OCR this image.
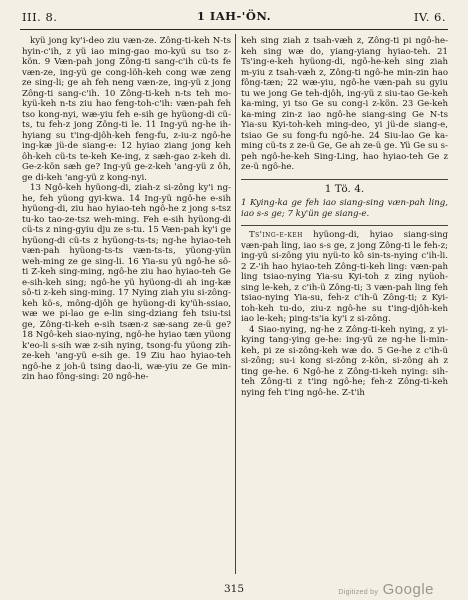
III. 8.	1 IAH-'ÖN.	IV. 6.

kyü jong ky'i-deo ziu væn-ze. Zông-ti-keh N-ts hyin-c'ih, z yü iao ming-gao mo-kyü su tso z-kön. 9 Væn-pah jong Zông-ti sang-c'ih cü-ts fe væn-ze, ing-yü ge cong-löh-keh cong wæ zeng ze sing-li; ge ah feh neng væn-ze, ing-yü z jong Zông-ti sang-c'ih. 10 Zông-ti-keh n-ts teh mo-kyü-keh n-ts ziu hao feng-toh-c'ih: væn-pah feh tso kong-nyi, wæ-yiu feh e-sih ge hyüong-di cü-ts, tu feh-z jong Zông-ti le. 11 Ing-yü ng-he ih-hyiang su t'ing-djôh-keh feng-fu, z-iu-z ngô-he ing-kæ jü-de siang-e: 12 hyiao ziang jong keh ôh-keh cü-ts te-keh Ke-ing, z sæh-gao z-keh di. Ge-z-kön sæh ge? Ing-yü ge-z-keh 'ang-yü z ôh, ge di-keh 'ang-yü z kong-nyi.

13 Ngô-keh hyüong-di, ziah-z si-zông ky'i ng-he, feh yüong gyi-kwa. 14 Ing-yü ngô-he e-sih hyüong-di, ziu hao hyiao-teh ngô-he z jong s-tsz tu-ko tao-ze-tsz weh-ming. Feh e-sih hyüong-di cü-ts z ning-gyiu dju ze s-tu. 15 Væn-pah ky'i ge hyüong-di cü-ts z hyüong-ts-ts; ng-he hyiao-teh væn-pah hyüong-ts-ts væn-ts-ts, yüong-yün weh-ming ze ge sing-li. 16 Yia-su yü ngô-he sô-ti Z-keh sing-ming, ngô-he ziu hao hyiao-teh Ge e-sih-keh sing; ngô-he yü hyüong-di ah ing-kæ sô-ti z-keh sing-ming. 17 Nying ziah yiu si-zông-keh kö-s, mông-djôh ge hyüong-di ky'üh-ssiao, wæ we pi-lao ge e-lin sing-dziang feh tsiu-tsi ge, Zông-ti-keh e-sih tsæn-z sæ-sang ze-ü ge? 18 Ngô-keh siao-nying, ngô-he hyiao tæn yüong k'eo-li s-sih wæ z-sih nying, tsong-fu yüong zih-ze-keh 'ang-yü e-sih ge. 19 Ziu hao hyiao-teh ngô-he z joh-ü tsing dao-li, wæ-yiu ze Ge min-zin hao fông-sing: 20 ngô-he-

keh sing ziah z tsah-væh z, Zông-ti pi ngô-he-keh sing wæ do, yiang-yiang hyiao-teh. 21 Ts'ing-e-keh hyüong-di, ngô-he-keh sing ziah m-yiu z tsah-væh z, Zông-ti ngô-he min-zin hao fông-tæn; 22 wæ-yiu, ngô-he væn-pah su gyiu tu we jong Ge teh-djôh, ing-yü z siu-tao Ge-keh ka-ming, yi tso Ge su cong-i z-kön. 23 Ge-keh ka-ming zin-z iao ngô-he siang-sing Ge N-ts Yia-su Kyi-toh-keh ming-deo, yi jü-de siang-e, tsiao Ge su fong-fu ngô-he. 24 Siu-lao Ge ka-ming cü-ts z ze-ü Ge, Ge ah ze-ü ge. Yü Ge su s-peh ngô-he-keh Sing-Ling, hao hyiao-teh Ge z ze-ü ngô-he.

1 Tö. 4.

1 Kying-ka ge feh iao siang-sing væn-pah ling, iao s-s ge; 7 ky'ün ge siang-e.

Ts'ing-e-keh hyüong-di, hyiao siang-sing væn-pah ling, iao s-s ge, z jong Zông-ti le feh-z; ing-yü si-zông yiu nyü-to kô sin-ts-nying c'ih-li. 2 Z-'ih hao hyiao-teh Zông-ti-keh ling: væn-pah ling tsiao-nying Yia-su Kyi-toh z zing nyüoh-sing le-keh, z c'ih-ü Zông-ti; 3 væn-pah ling feh tsiao-nying Yia-su, feh-z c'ih-ü Zông-ti; z Kyi-toh-keh tu-do, ziu-z ngô-he su t'ing-djôh-keh iao le-keh; ping-ts'ia ky'i z si-zông.

4 Siao-nying, ng-he z Zông-ti-keh nying, z yi-kying tang-ying ge-he: ing-yü ze ng-he li-min-keh, pi ze si-zông-keh wæ do. 5 Ge-he z c'ih-ü si-zông; su-i kong si-zông z-kön, si-zông ah z ting ge-he. 6 Ngô-he z Zông-ti-keh nying: sih-teh Zông-ti z t'ing ngô-he; feh-z Zông-ti-keh nying feh t'ing ngô-he. Z-t'ih

315	Digitized by Google
